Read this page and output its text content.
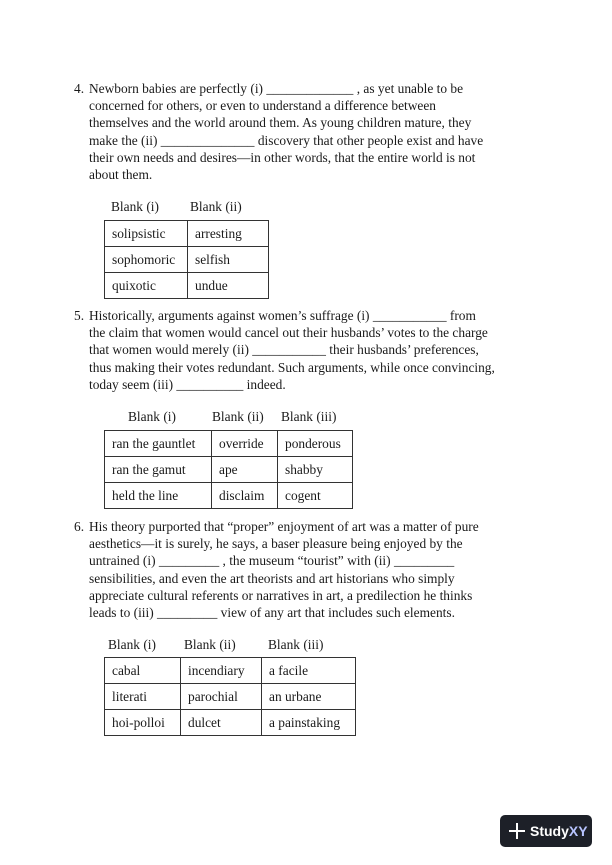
4. Newborn babies are perfectly (i) _____________ , as yet unable to be
concerned for others, or even to understand a difference between
themselves and the world around them. As young children mature, they
make the (ii) ______________ discovery that other people exist and have
their own needs and desires—in other words, that the entire world is not
about them.
Blank (i) Blank (ii)
solipsistic	arresting
sophomoric	selfish
quixotic	undue
5. Historically, arguments against women’s suffrage (i) ___________ from
the claim that women would cancel out their husbands’ votes to the charge
that women would merely (ii) ___________ their husbands’ preferences,
thus making their votes redundant. Such arguments, while once convincing,
today seem (iii) __________ indeed.
Blank (i)	Blank (ii) Blank (iii)
ran the gauntlet	override	ponderous
ran the gamut	ape	shabby
held the line	disclaim	cogent
6. His theory purported that “proper” enjoyment of art was a matter of pure
aesthetics—it is surely, he says, a baser pleasure being enjoyed by the
untrained (i) _________ , the museum “tourist” with (ii) _________
sensibilities, and even the art theorists and art historians who simply
appreciate cultural referents or narratives in art, a predilection he thinks
leads to (iii) _________ view of any art that includes such elements.
Blank (i) Blank (ii) Blank (iii)
cabal	incendiary	a facile
literati	parochial	an urbane
hoi-polloi	dulcet	a painstaking
StudyXY
